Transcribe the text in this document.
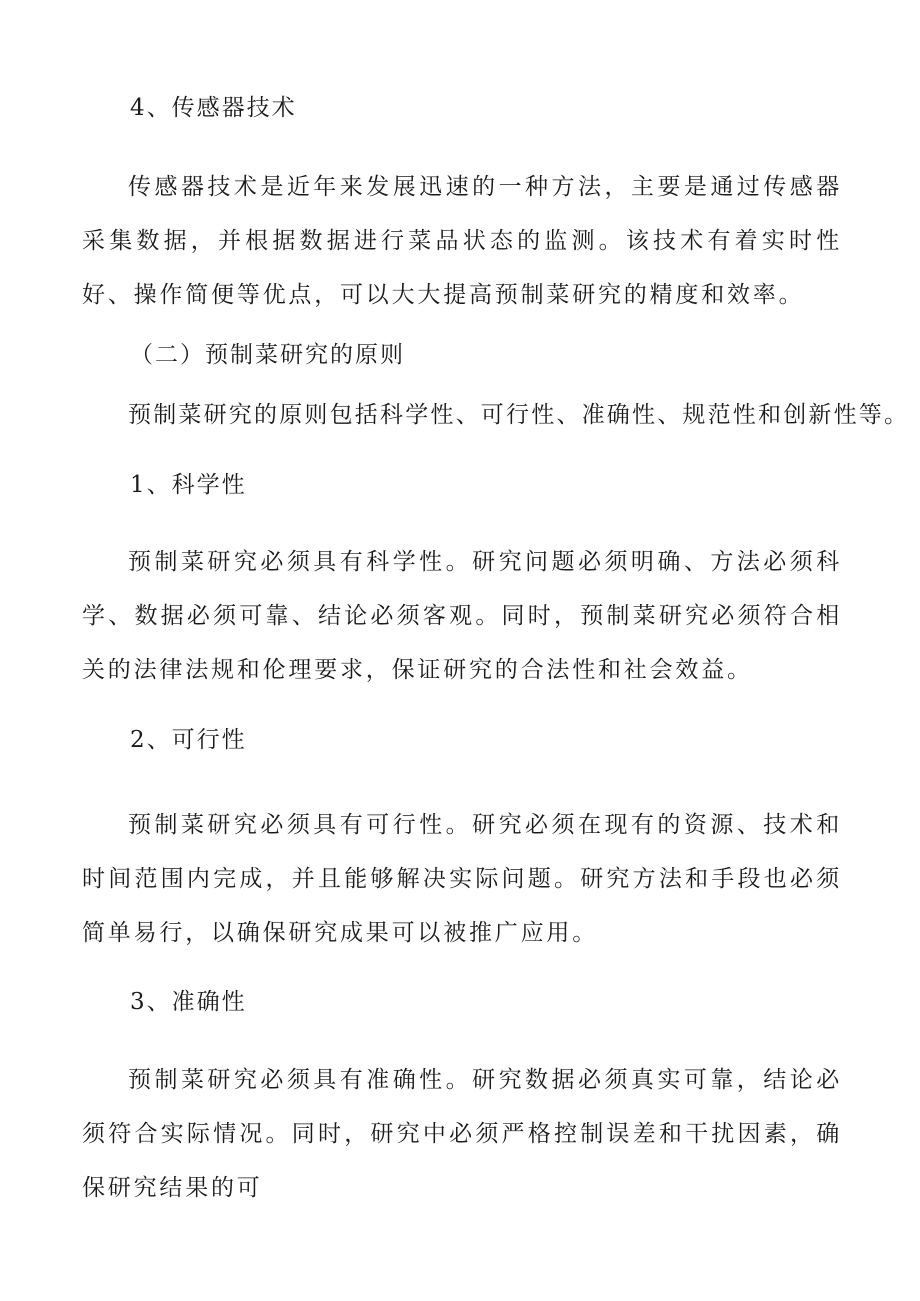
4、传感器技术
传感器技术是近年来发展迅速的一种方法，主要是通过传感器采集数据，并根据数据进行菜品状态的监测。该技术有着实时性好、操作简便等优点，可以大大提高预制菜研究的精度和效率。
（二）预制菜研究的原则
预制菜研究的原则包括科学性、可行性、准确性、规范性和创新性等。
1、科学性
预制菜研究必须具有科学性。研究问题必须明确、方法必须科学、数据必须可靠、结论必须客观。同时，预制菜研究必须符合相关的法律法规和伦理要求，保证研究的合法性和社会效益。
2、可行性
预制菜研究必须具有可行性。研究必须在现有的资源、技术和时间范围内完成，并且能够解决实际问题。研究方法和手段也必须简单易行，以确保研究成果可以被推广应用。
3、准确性
预制菜研究必须具有准确性。研究数据必须真实可靠，结论必须符合实际情况。同时，研究中必须严格控制误差和干扰因素，确保研究结果的可
